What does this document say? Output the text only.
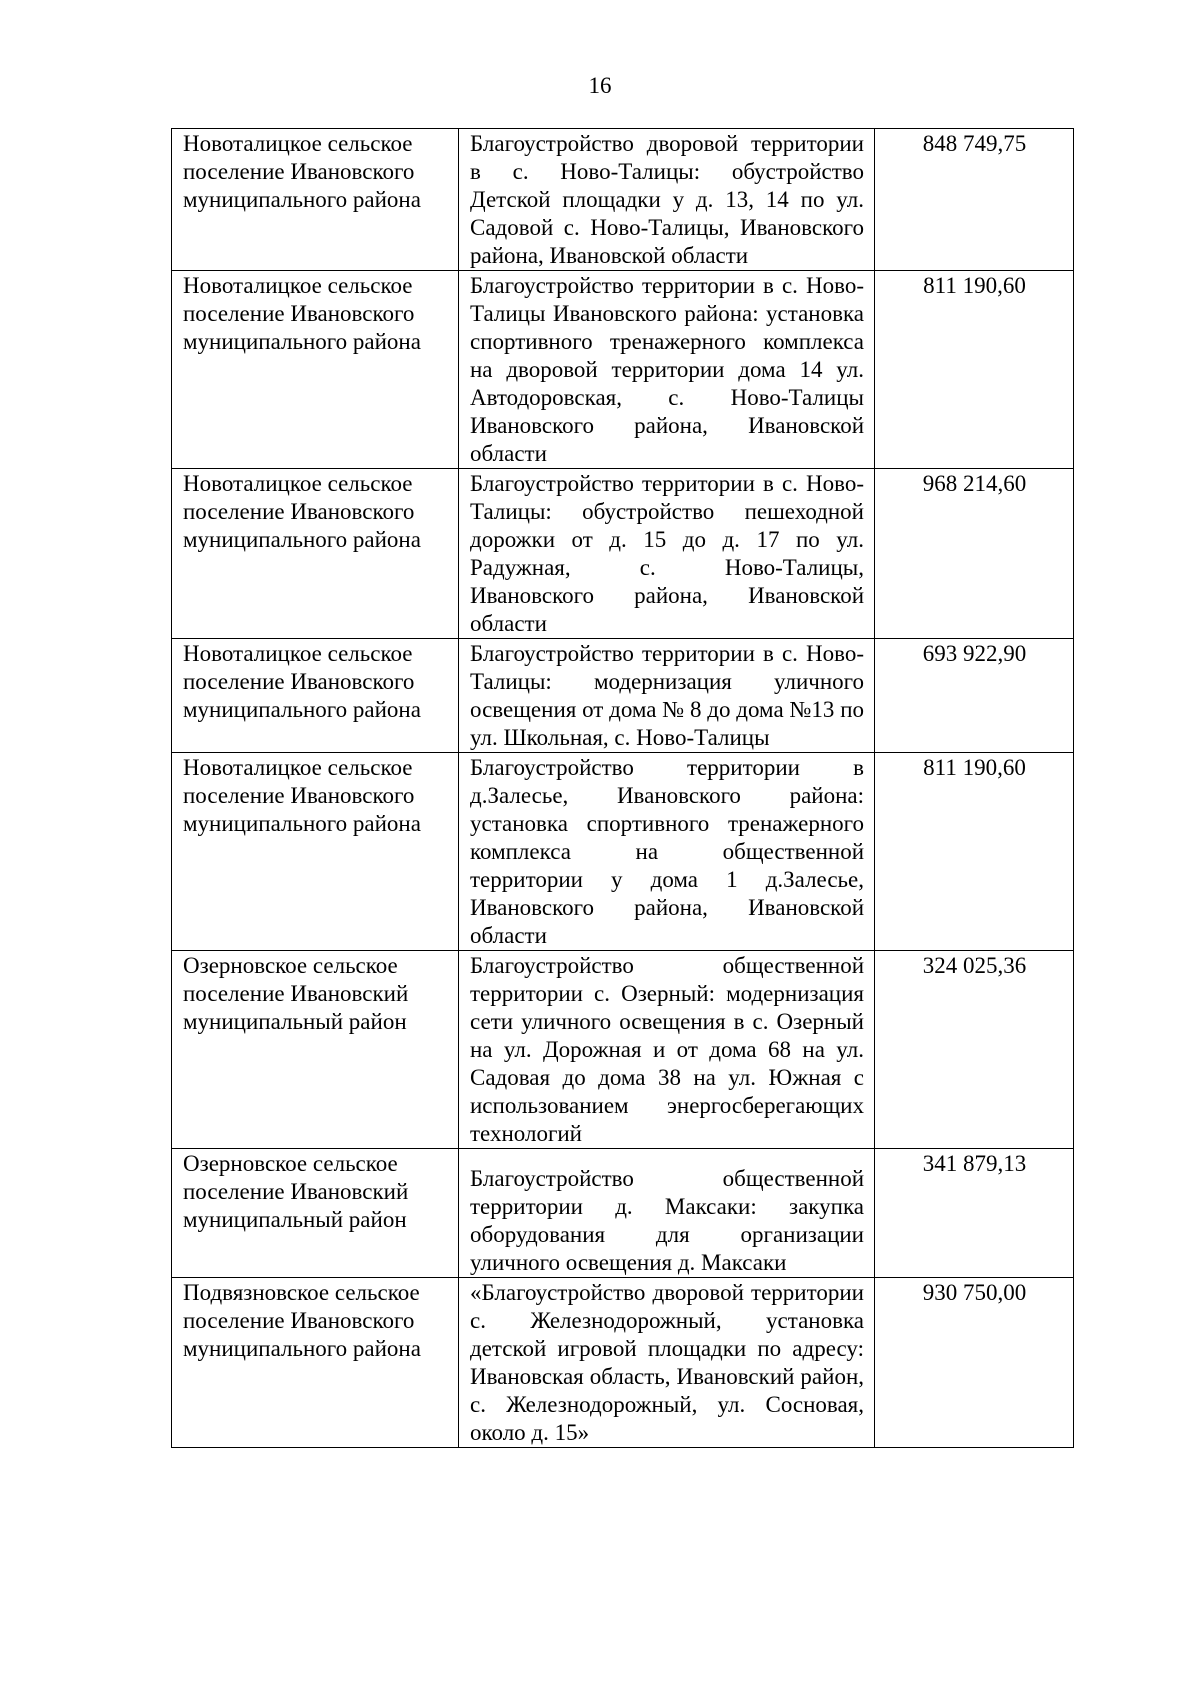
16
Новоталицкое сельское поселение Ивановского муниципального района	Благоустройство дворовой территории в с. Ново-Талицы: обустройство Детской площадки у д. 13, 14 по ул. Садовой с. Ново-Талицы, Ивановского района, Ивановской области	848 749,75
Новоталицкое сельское поселение Ивановского муниципального района	Благоустройство территории в с. Ново-Талицы Ивановского района: установка спортивного тренажерного комплекса на дворовой территории дома 14 ул. Автодоровская, с. Ново-Талицы Ивановского района, Ивановской области	811 190,60
Новоталицкое сельское поселение Ивановского муниципального района	Благоустройство территории в с. Ново-Талицы: обустройство пешеходной дорожки от д. 15 до д. 17 по ул. Радужная, с. Ново-Талицы, Ивановского района, Ивановской области	968 214,60
Новоталицкое сельское поселение Ивановского муниципального района	Благоустройство территории в с. Ново-Талицы: модернизация уличного освещения от дома № 8 до дома №13 по ул. Школьная, с. Ново-Талицы	693 922,90
Новоталицкое сельское поселение Ивановского муниципального района	Благоустройство территории в д.Залесье, Ивановского района: установка спортивного тренажерного комплекса на общественной территории у дома 1 д.Залесье, Ивановского района, Ивановской области	811 190,60
Озерновское сельское поселение Ивановский муниципальный район	Благоустройство общественной территории с. Озерный: модернизация сети уличного освещения в с. Озерный на ул. Дорожная и от дома 68 на ул. Садовая до дома 38 на ул. Южная с использованием энергосберегающих технологий	324 025,36
Озерновское сельское поселение Ивановский муниципальный район	Благоустройство общественной территории д. Максаки: закупка оборудования для организации уличного освещения д. Максаки	341 879,13
Подвязновское сельское поселение Ивановского муниципального района	«Благоустройство дворовой территории с. Железнодорожный, установка детской игровой площадки по адресу: Ивановская область, Ивановский район, с. Железнодорожный, ул. Сосновая, около д. 15»	930 750,00
